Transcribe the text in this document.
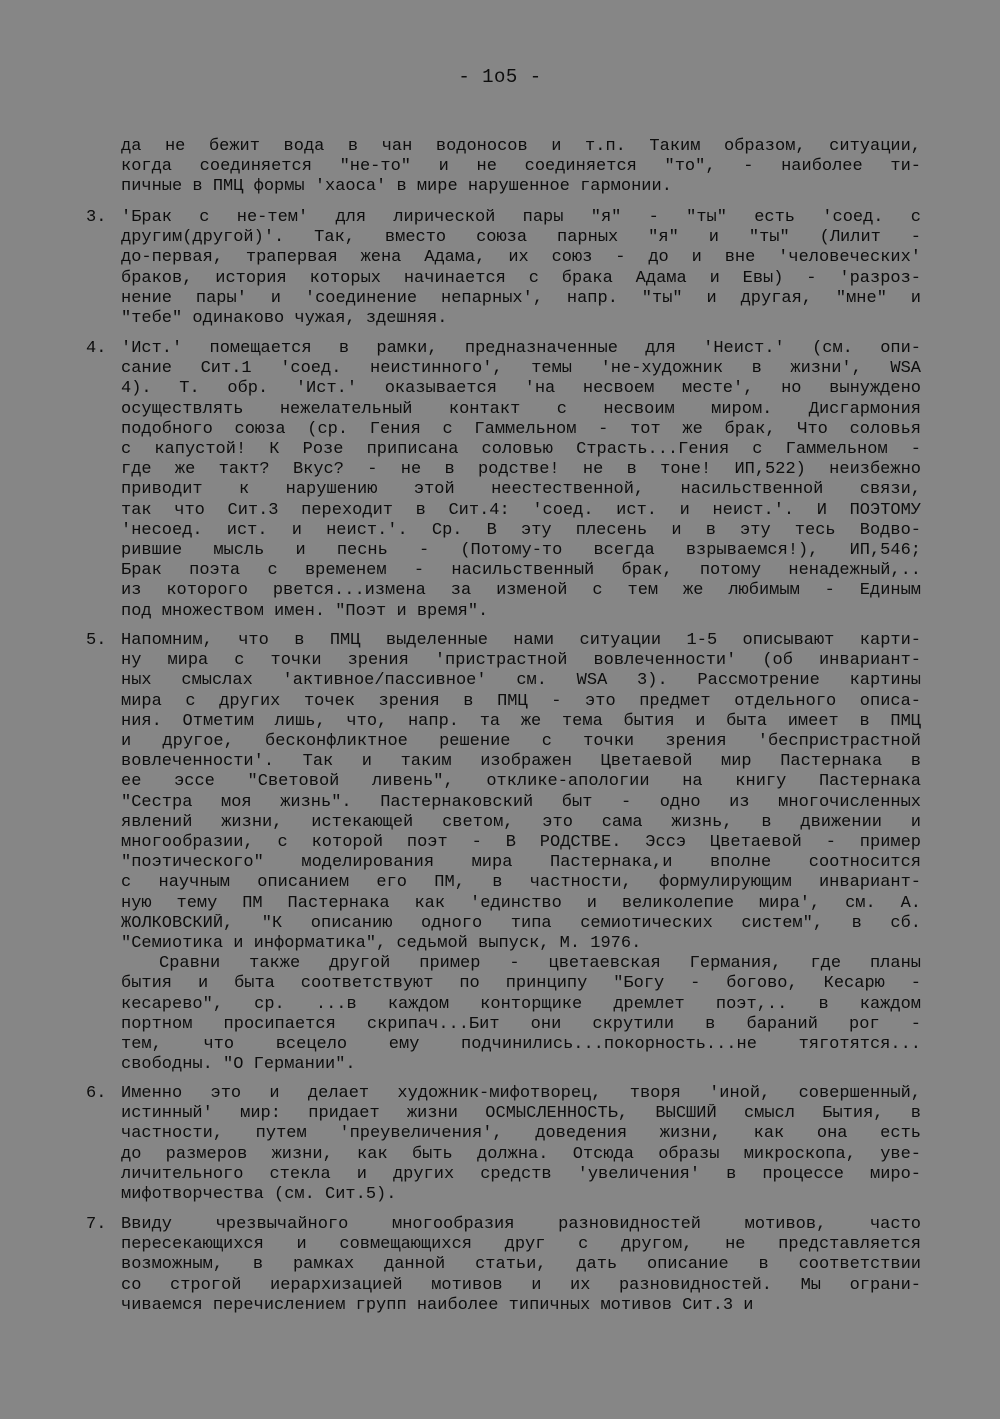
- 1o5 -
да не бежит вода в чан водоносов и т.п. Таким образом, ситуации,
когда соединяется "не-то" и не соединяется "то", - наиболее ти-
пичные в ПМЦ формы 'хаоса' в мире нарушенное гармонии.
3. 'Брак с не-тем' для лирической пары "я" - "ты" есть 'соед. с
другим(другой)'. Так, вместо союза парных "я" и "ты" (Лилит -
до-первая, трапервая жена Адама, их союз - до и вне 'человеческих'
браков, история которых начинается с брака Адама и Евы) - 'разроз-
нение пары' и 'соединение непарных', напр. "ты" и другая, "мне" и
"тебе" одинаково чужая, здешняя.
4. 'Ист.' помещается в рамки, предназначенные для 'Неист.' (см. опи-
сание Сит.1 'соед. неистинного', темы 'не-художник в жизни', WSA
4). Т. обр. 'Ист.' оказывается 'на несвоем месте', но вынуждено
осуществлять нежелательный контакт с несвоим миром. Дисгармония
подобного союза (ср. Гения с Гаммельном - тот же брак, Что соловья
с капустой! К Розе приписана соловью Страсть...Гения с Гаммельном -
где же такт? Вкус? - не в родстве! не в тоне! ИП,522) неизбежно
приводит к нарушению этой неестественной, насильственной связи,
так что Сит.3 переходит в Сит.4: 'соед. ист. и неист.'. И ПОЭТОМУ
'несоед. ист. и неист.'. Ср. В эту плесень и в эту тесь Водво-
рившие мысль и песнь - (Потому-то всегда взрываемся!), ИП,546;
Брак поэта с временем - насильственный брак, потому ненадежный,..
из которого рвется...измена за изменой с тем же любимым - Единым
под множеством имен. "Поэт и время".
5. Напомним, что в ПМЦ выделенные нами ситуации 1-5 описывают карти-
ну мира с точки зрения 'пристрастной вовлеченности' (об инвариант-
ных смыслах 'активное/пассивное' см. WSA 3). Рассмотрение картины
мира с других точек зрения в ПМЦ - это предмет отдельного описа-
ния. Отметим лишь, что, напр. та же тема бытия и быта имеет в ПМЦ
и другое, бесконфликтное решение с точки зрения 'беспристрастной
вовлеченности'. Так и таким изображен Цветаевой мир Пастернака в
ее эссе "Световой ливень", отклике-апологии на книгу Пастернака
"Сестра моя жизнь". Пастернаковский быт - одно из многочисленных
явлений жизни, истекающей светом, это сама жизнь, в движении и
многообразии, с которой поэт - В РОДСТВЕ. Эссэ Цветаевой - пример
"поэтического" моделирования мира Пастернака,и вполне соотносится
с научным описанием его ПМ, в частности, формулирующим инвариант-
ную тему ПМ Пастернака как 'единство и великолепие мира', см. А.
ЖОЛКОВСКИЙ, "К описанию одного типа семиотических систем", в сб.
"Семиотика и информатика", седьмой выпуск, М. 1976.
Сравни также другой пример - цветаевская Германия, где планы
бытия и быта соответствуют по принципу "Богу - богово, Кесарю -
кесарево", ср. ...в каждом конторщике дремлет поэт,.. в каждом
портном просипается скрипач...Бит они скрутили в бараний рог -
тем, что всецело ему подчинились...покорность...не тяготятся...
свободны. "О Германии".
6. Именно это и делает художник-мифотворец, творя 'иной, совершенный,
истинный' мир: придает жизни ОСМЫСЛЕННОСТЬ, ВЫСШИЙ смысл Бытия, в
частности, путем 'преувеличения', доведения жизни, как она есть
до размеров жизни, как быть должна. Отсюда образы микроскопа, уве-
личительного стекла и других средств 'увеличения' в процессе миро-
мифотворчества (см. Сит.5).
7. Ввиду чрезвычайного многообразия разновидностей мотивов, часто
пересекающихся и совмещающихся друг с другом, не представляется
возможным, в рамках данной статьи, дать описание в соответствии
со строгой иерархизацией мотивов и их разновидностей. Мы ограни-
чиваемся перечислением групп наиболее типичных мотивов Сит.3 и
